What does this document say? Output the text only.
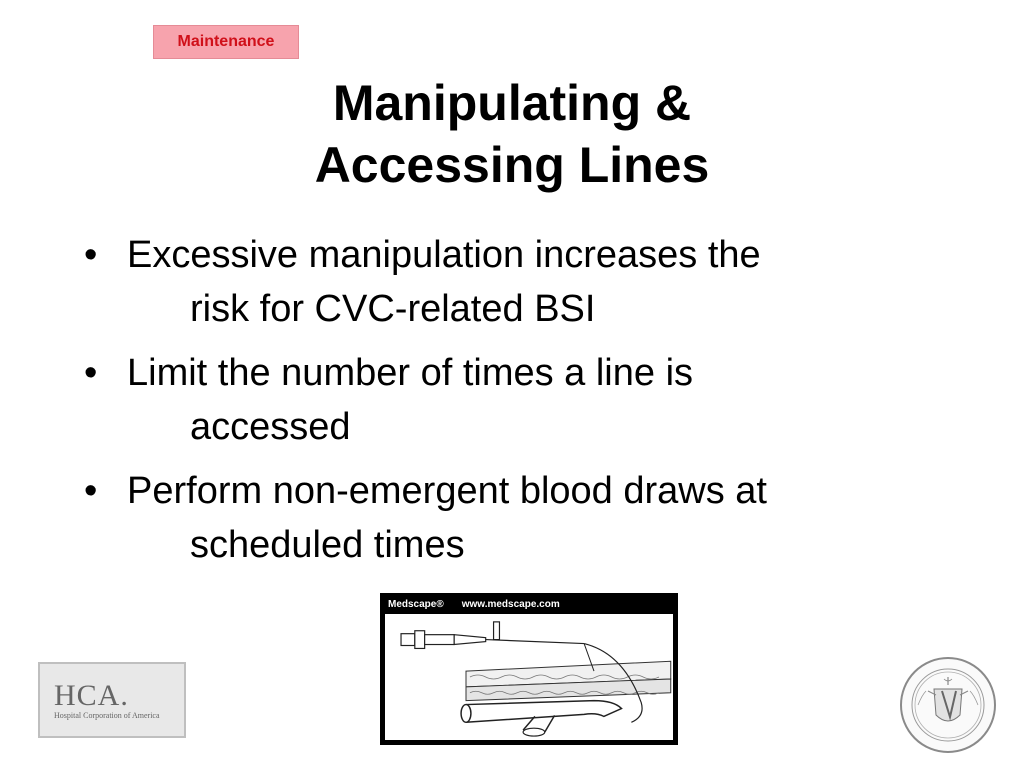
Maintenance
Manipulating &
Accessing Lines
• Excessive manipulation increases the
risk for CVC-related BSI
• Limit the number of times a line is
accessed
• Perform non-emergent blood draws at
scheduled times
Medscape® www.medscape.com
HCA.
Hospital Corporation of America
